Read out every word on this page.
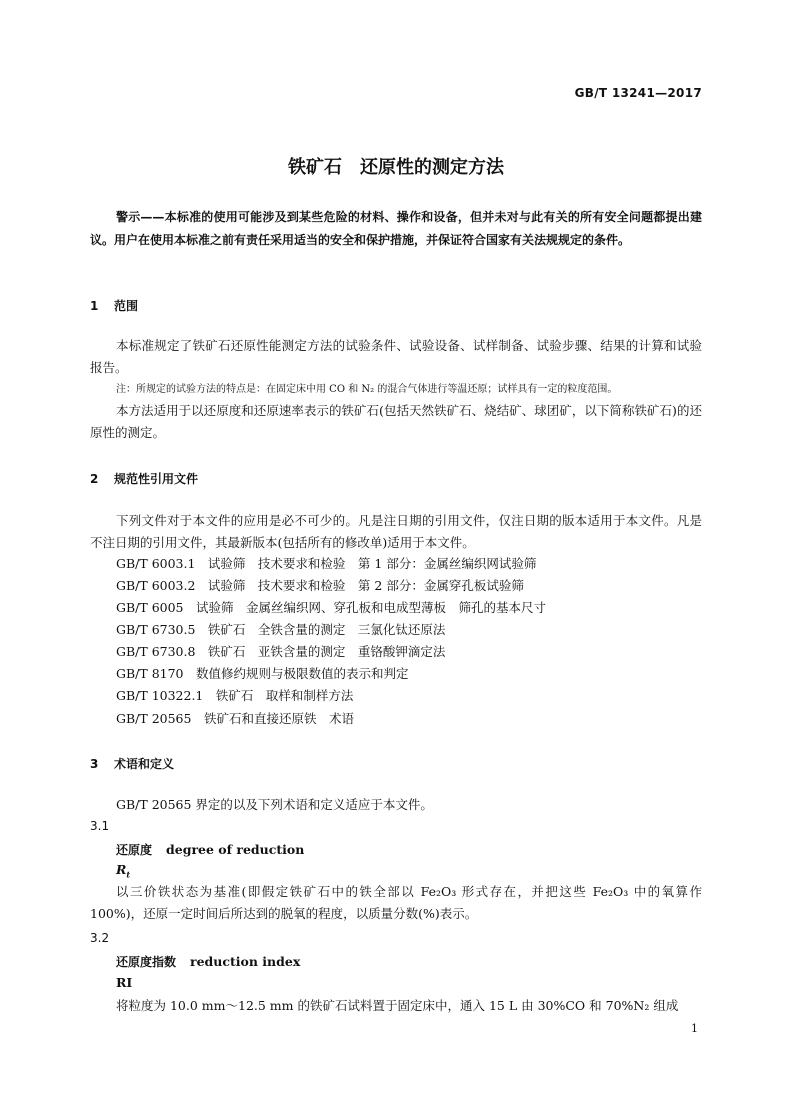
GB/T 13241—2017
铁矿石　还原性的测定方法
警示——本标准的使用可能涉及到某些危险的材料、操作和设备，但并未对与此有关的所有安全问题都提出建议。用户在使用本标准之前有责任采用适当的安全和保护措施，并保证符合国家有关法规规定的条件。
1 范围
本标准规定了铁矿石还原性能测定方法的试验条件、试验设备、试样制备、试验步骤、结果的计算和试验报告。
注：所规定的试验方法的特点是：在固定床中用 CO 和 N₂ 的混合气体进行等温还原；试样具有一定的粒度范围。
本方法适用于以还原度和还原速率表示的铁矿石(包括天然铁矿石、烧结矿、球团矿，以下简称铁矿石)的还原性的测定。
2 规范性引用文件
下列文件对于本文件的应用是必不可少的。凡是注日期的引用文件，仅注日期的版本适用于本文件。凡是不注日期的引用文件，其最新版本(包括所有的修改单)适用于本文件。
GB/T 6003.1　试验筛　技术要求和检验　第 1 部分：金属丝编织网试验筛
GB/T 6003.2　试验筛　技术要求和检验　第 2 部分：金属穿孔板试验筛
GB/T 6005　试验筛　金属丝编织网、穿孔板和电成型薄板　筛孔的基本尺寸
GB/T 6730.5　铁矿石　全铁含量的测定　三氯化钛还原法
GB/T 6730.8　铁矿石　亚铁含量的测定　重铬酸钾滴定法
GB/T 8170　数值修约规则与极限数值的表示和判定
GB/T 10322.1　铁矿石　取样和制样方法
GB/T 20565　铁矿石和直接还原铁　术语
3 术语和定义
GB/T 20565 界定的以及下列术语和定义适应于本文件。
3.1
还原度 degree of reduction
$R_t$
以三价铁状态为基准(即假定铁矿石中的铁全部以 Fe₂O₃ 形式存在，并把这些 Fe₂O₃ 中的氧算作 100%)，还原一定时间后所达到的脱氧的程度，以质量分数(%)表示。
3.2
还原度指数 reduction index
RI
将粒度为 10.0 mm～12.5 mm 的铁矿石试料置于固定床中，通入 15 L 由 30%CO 和 70%N₂ 组成
1
